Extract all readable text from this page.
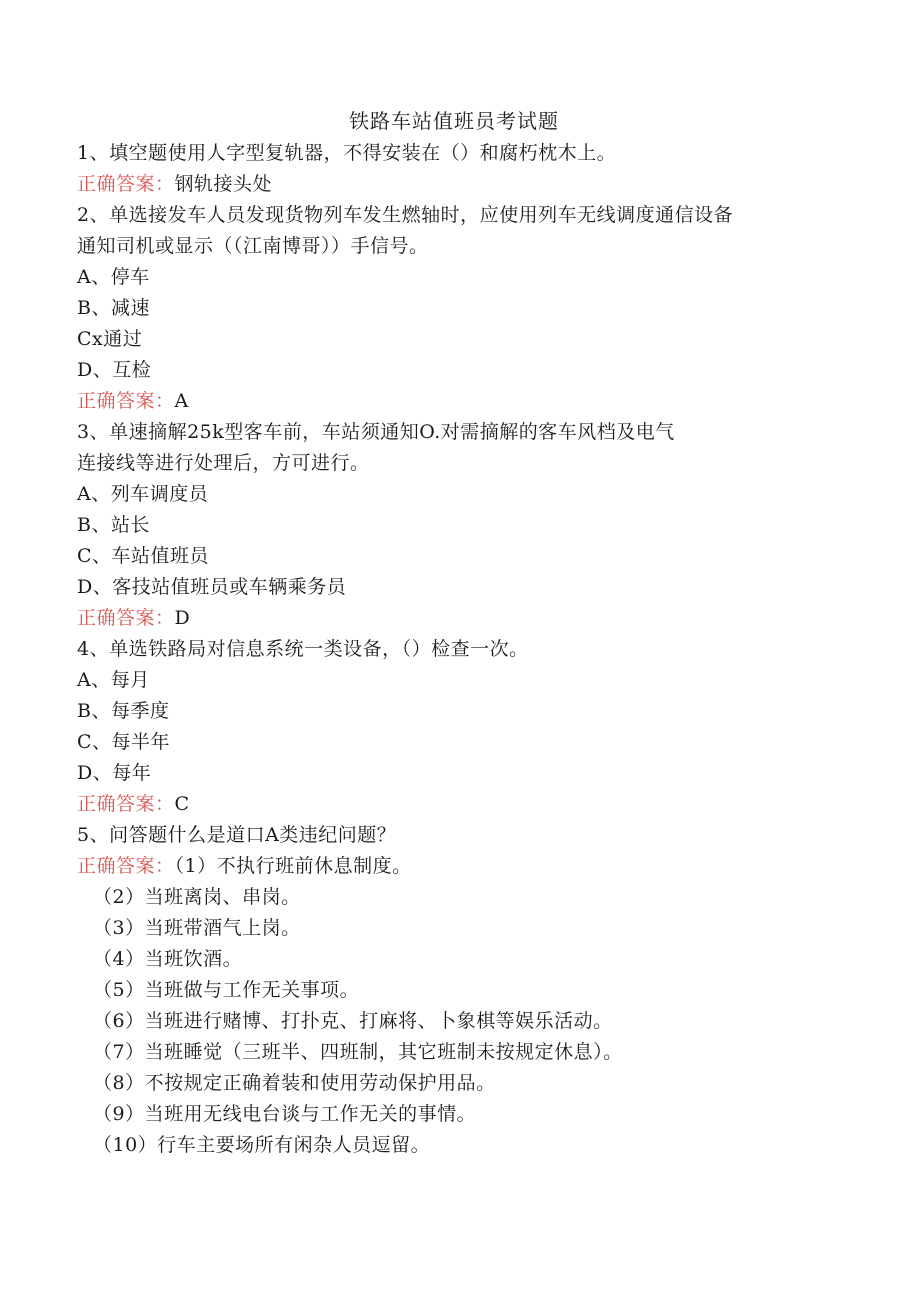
铁路车站值班员考试题
1、填空题使用人字型复轨器，不得安装在（）和腐朽枕木上。
正确答案：钢轨接头处
2、单选接发车人员发现货物列车发生燃轴时，应使用列车无线调度通信设备
通知司机或显示（（江南博哥））手信号。
A、停车
B、减速
Cx通过
D、互检
正确答案：A
3、单速摘解25k型客车前，车站须通知O.对需摘解的客车风档及电气
连接线等进行处理后，方可进行。
A、列车调度员
B、站长
C、车站值班员
D、客技站值班员或车辆乘务员
正确答案：D
4、单选铁路局对信息系统一类设备，（）检查一次。
A、每月
B、每季度
C、每半年
D、每年
正确答案：C
5、问答题什么是道口A类违纪问题？
正确答案：（1）不执行班前休息制度。
（2）当班离岗、串岗。
（3）当班带酒气上岗。
（4）当班饮酒。
（5）当班做与工作无关事项。
（6）当班进行赌博、打扑克、打麻将、卜象棋等娱乐活动。
（7）当班睡觉（三班半、四班制，其它班制未按规定休息）。
（8）不按规定正确着装和使用劳动保护用品。
（9）当班用无线电台谈与工作无关的事情。
（10）行车主要场所有闲杂人员逗留。
